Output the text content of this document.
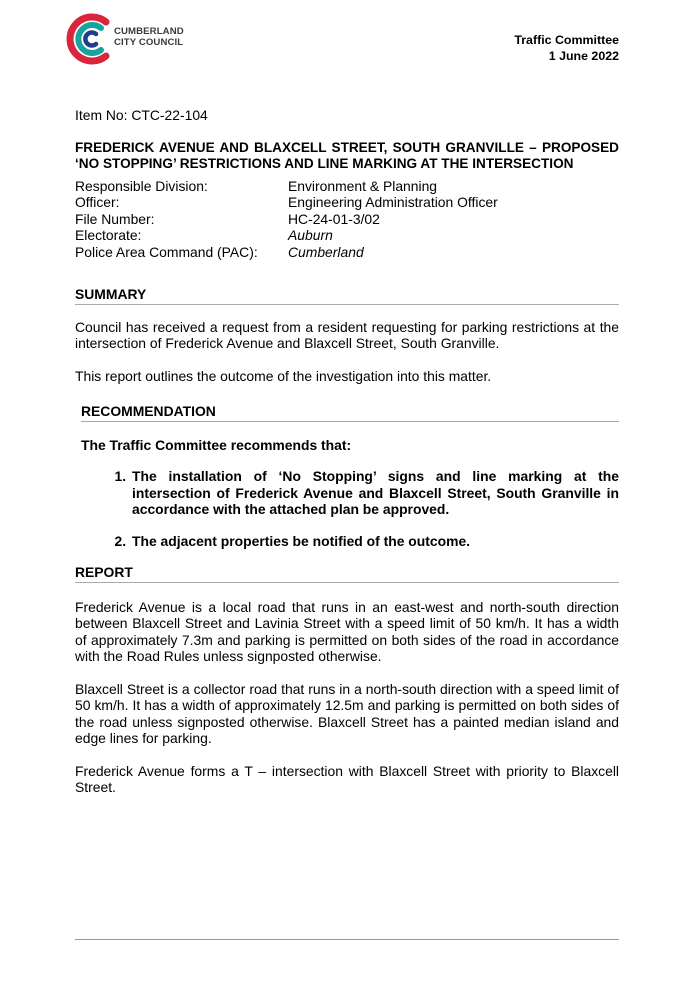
CUMBERLAND
CITY COUNCIL	Traffic Committee
1 June 2022

Item No: CTC-22-104

FREDERICK AVENUE AND BLAXCELL STREET, SOUTH GRANVILLE – PROPOSED ‘NO STOPPING’ RESTRICTIONS AND LINE MARKING AT THE INTERSECTION

Responsible Division:	Environment & Planning
Officer:	Engineering Administration Officer
File Number:	HC-24-01-3/02
Electorate:	Auburn
Police Area Command (PAC):	Cumberland
SUMMARY

Council has received a request from a resident requesting for parking restrictions at the intersection of Frederick Avenue and Blaxcell Street, South Granville.

This report outlines the outcome of the investigation into this matter.

RECOMMENDATION

The Traffic Committee recommends that:

1. The installation of ‘No Stopping’ signs and line marking at the intersection of Frederick Avenue and Blaxcell Street, South Granville in accordance with the attached plan be approved.
2. The adjacent properties be notified of the outcome.
REPORT

Frederick Avenue is a local road that runs in an east-west and north-south direction between Blaxcell Street and Lavinia Street with a speed limit of 50 km/h. It has a width of approximately 7.3m and parking is permitted on both sides of the road in accordance with the Road Rules unless signposted otherwise.

Blaxcell Street is a collector road that runs in a north-south direction with a speed limit of 50 km/h. It has a width of approximately 12.5m and parking is permitted on both sides of the road unless signposted otherwise. Blaxcell Street has a painted median island and edge lines for parking.

Frederick Avenue forms a T – intersection with Blaxcell Street with priority to Blaxcell Street.
